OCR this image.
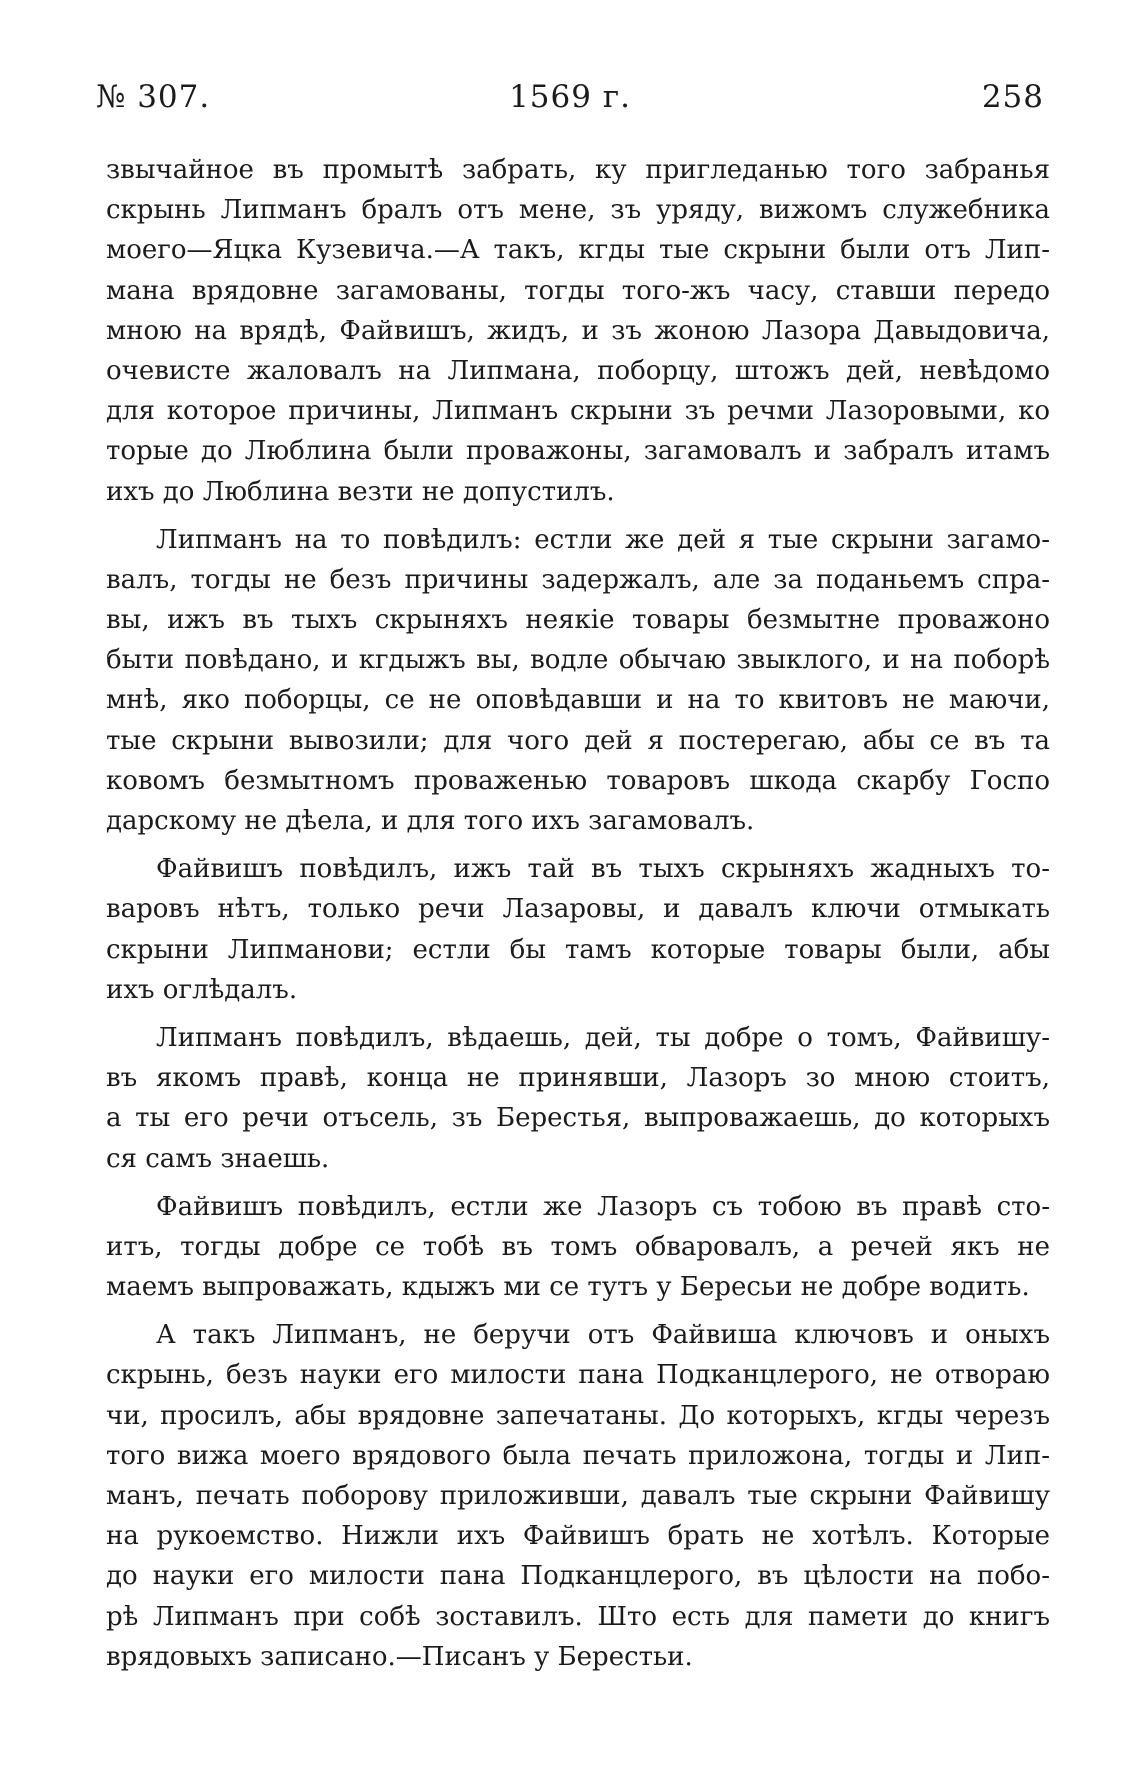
№ 307.	1569 г.	258

звычайное въ промытѣ забрать, ку пригледанью того забранья
скрынь Липманъ бралъ отъ мене, зъ уряду, вижомъ служебника
моего—Яцка Кузевича.—А такъ, кгды тые скрыни были отъ Лип-
мана врядовне загамованы, тогды того-жъ часу, ставши передо
мною на врядѣ, Файвишъ, жидъ, и зъ жоною Лазора Давыдовича,
очевисте жаловалъ на Липмана, поборцу, штожъ дей, невѣдомо
для которое причины, Липманъ скрыни зъ речми Лазоровыми, ко
торые до Люблина были проважоны, загамовалъ и забралъ итамъ
ихъ до Люблина везти не допустилъ.

Липманъ на то повѣдилъ: естли же дей я тые скрыни загамо-
валъ, тогды не безъ причины задержалъ, але за поданьемъ спра-
вы, ижъ въ тыхъ скрыняхъ неякіе товары безмытне проважоно
быти повѣдано, и кгдыжъ вы, водле обычаю звыклого, и на поборѣ
мнѣ, яко поборцы, се не оповѣдавши и на то квитовъ не маючи,
тые скрыни вывозили; для чого дей я постерегаю, абы се въ та
ковомъ безмытномъ проваженью товаровъ шкода скарбу Госпо
дарскому не дѣела, и для того ихъ загамовалъ.

Файвишъ повѣдилъ, ижъ тай въ тыхъ скрыняхъ жадныхъ то-
варовъ нѣтъ, только речи Лазаровы, и давалъ ключи отмыкать
скрыни Липманови; естли бы тамъ которые товары были, абы
ихъ оглѣдалъ.

Липманъ повѣдилъ, вѣдаешь, дей, ты добре о томъ, Файвишу-
въ якомъ правѣ, конца не принявши, Лазоръ зо мною стоитъ,
а ты его речи отъсель, зъ Берестья, выпроважаешь, до которыхъ
ся самъ знаешь.

Файвишъ повѣдилъ, естли же Лазоръ съ тобою въ правѣ сто-
итъ, тогды добре се тобѣ въ томъ обваровалъ, а речей якъ не
маемъ выпроважать, кдыжъ ми се тутъ у Бересьи не добре водить.

А такъ Липманъ, не беручи отъ Файвиша ключовъ и оныхъ
скрынь, безъ науки его милости пана Подканцлерого, не отвораю
чи, просилъ, абы врядовне запечатаны. До которыхъ, кгды черезъ
того вижа моего врядового была печать приложона, тогды и Лип-
манъ, печать поборову приложивши, давалъ тые скрыни Файвишу
на рукоемство. Нижли ихъ Файвишъ брать не хотѣлъ. Которые
до науки его милости пана Подканцлерого, въ цѣлости на побо-
рѣ Липманъ при собѣ зоставилъ. Што есть для памети до книгъ
врядовыхъ записано.—Писанъ у Берестьи.
